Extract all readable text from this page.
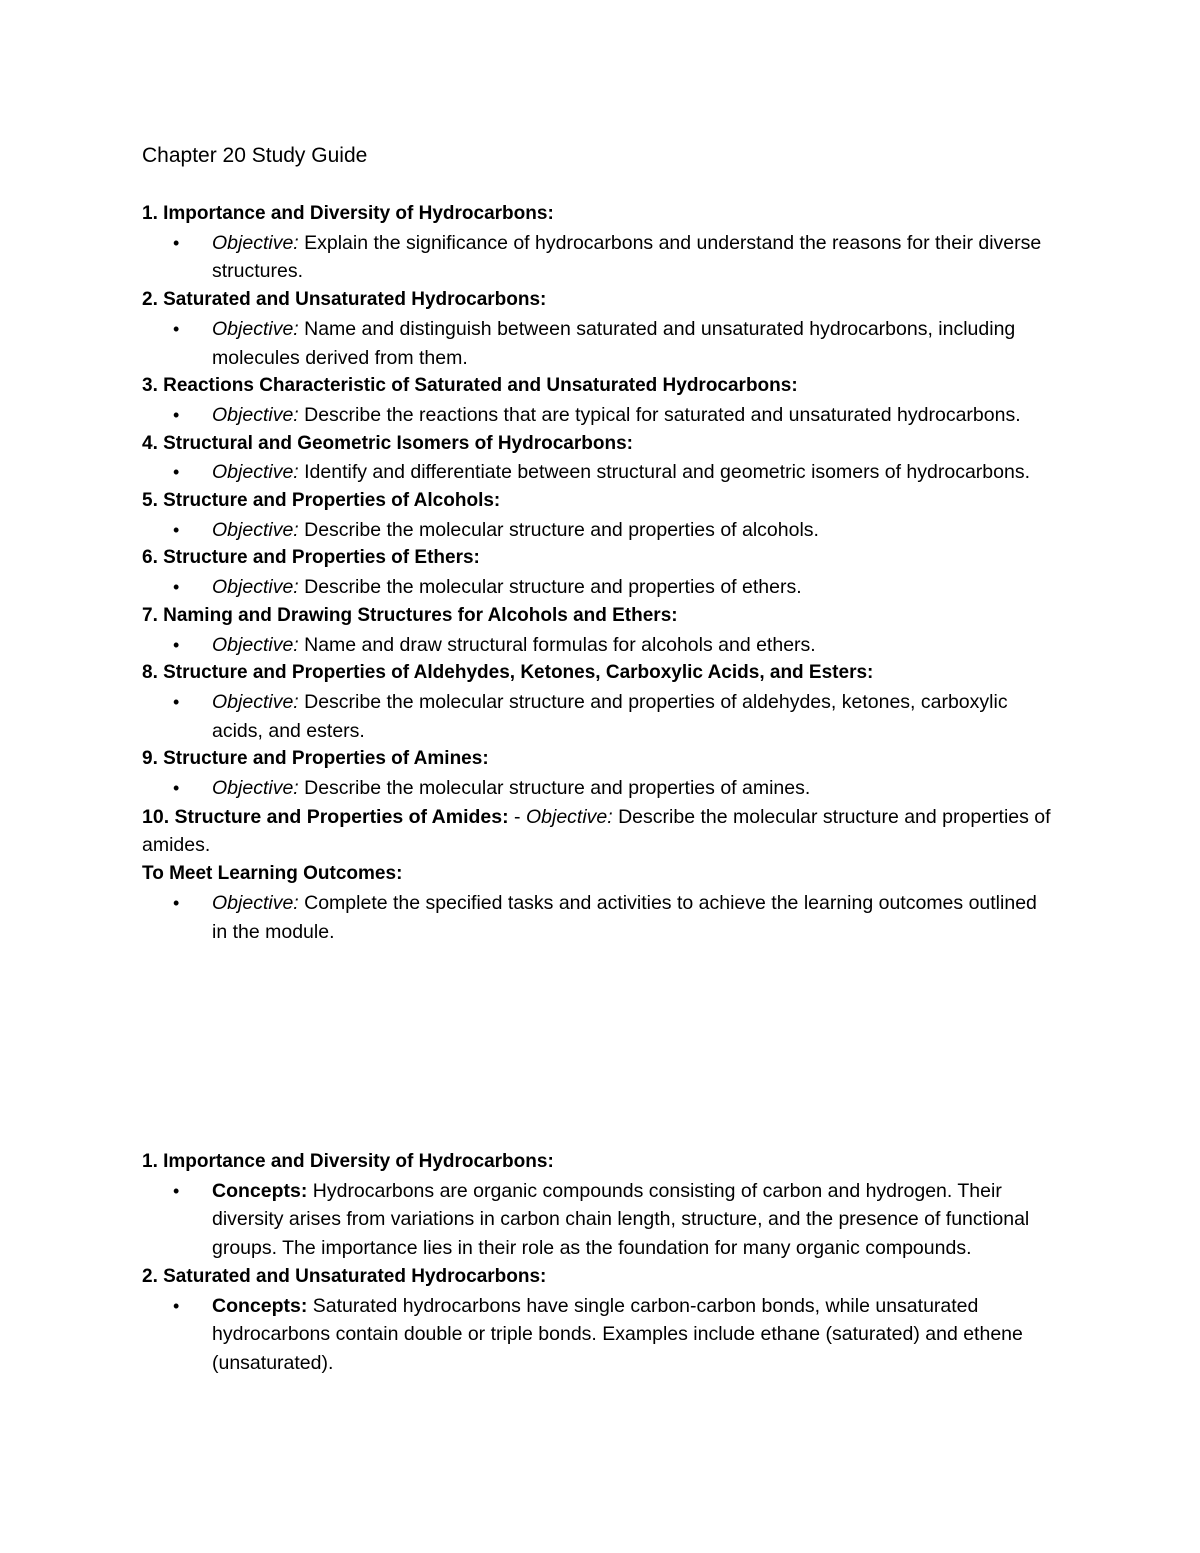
Chapter 20 Study Guide

1. Importance and Diversity of Hydrocarbons:

• Objective: Explain the significance of hydrocarbons and understand the reasons for their diverse structures.

2. Saturated and Unsaturated Hydrocarbons:

• Objective: Name and distinguish between saturated and unsaturated hydrocarbons, including molecules derived from them.

3. Reactions Characteristic of Saturated and Unsaturated Hydrocarbons:

• Objective: Describe the reactions that are typical for saturated and unsaturated hydrocarbons.

4. Structural and Geometric Isomers of Hydrocarbons:

• Objective: Identify and differentiate between structural and geometric isomers of hydrocarbons.

5. Structure and Properties of Alcohols:

• Objective: Describe the molecular structure and properties of alcohols.

6. Structure and Properties of Ethers:

• Objective: Describe the molecular structure and properties of ethers.

7. Naming and Drawing Structures for Alcohols and Ethers:

• Objective: Name and draw structural formulas for alcohols and ethers.

8. Structure and Properties of Aldehydes, Ketones, Carboxylic Acids, and Esters:

• Objective: Describe the molecular structure and properties of aldehydes, ketones, carboxylic acids, and esters.

9. Structure and Properties of Amines:

• Objective: Describe the molecular structure and properties of amines.

10. Structure and Properties of Amides: - Objective: Describe the molecular structure and properties of amides.

To Meet Learning Outcomes:

• Objective: Complete the specified tasks and activities to achieve the learning outcomes outlined in the module.

1. Importance and Diversity of Hydrocarbons:

• Concepts: Hydrocarbons are organic compounds consisting of carbon and hydrogen. Their diversity arises from variations in carbon chain length, structure, and the presence of functional groups. The importance lies in their role as the foundation for many organic compounds.

2. Saturated and Unsaturated Hydrocarbons:

• Concepts: Saturated hydrocarbons have single carbon-carbon bonds, while unsaturated hydrocarbons contain double or triple bonds. Examples include ethane (saturated) and ethene (unsaturated).
